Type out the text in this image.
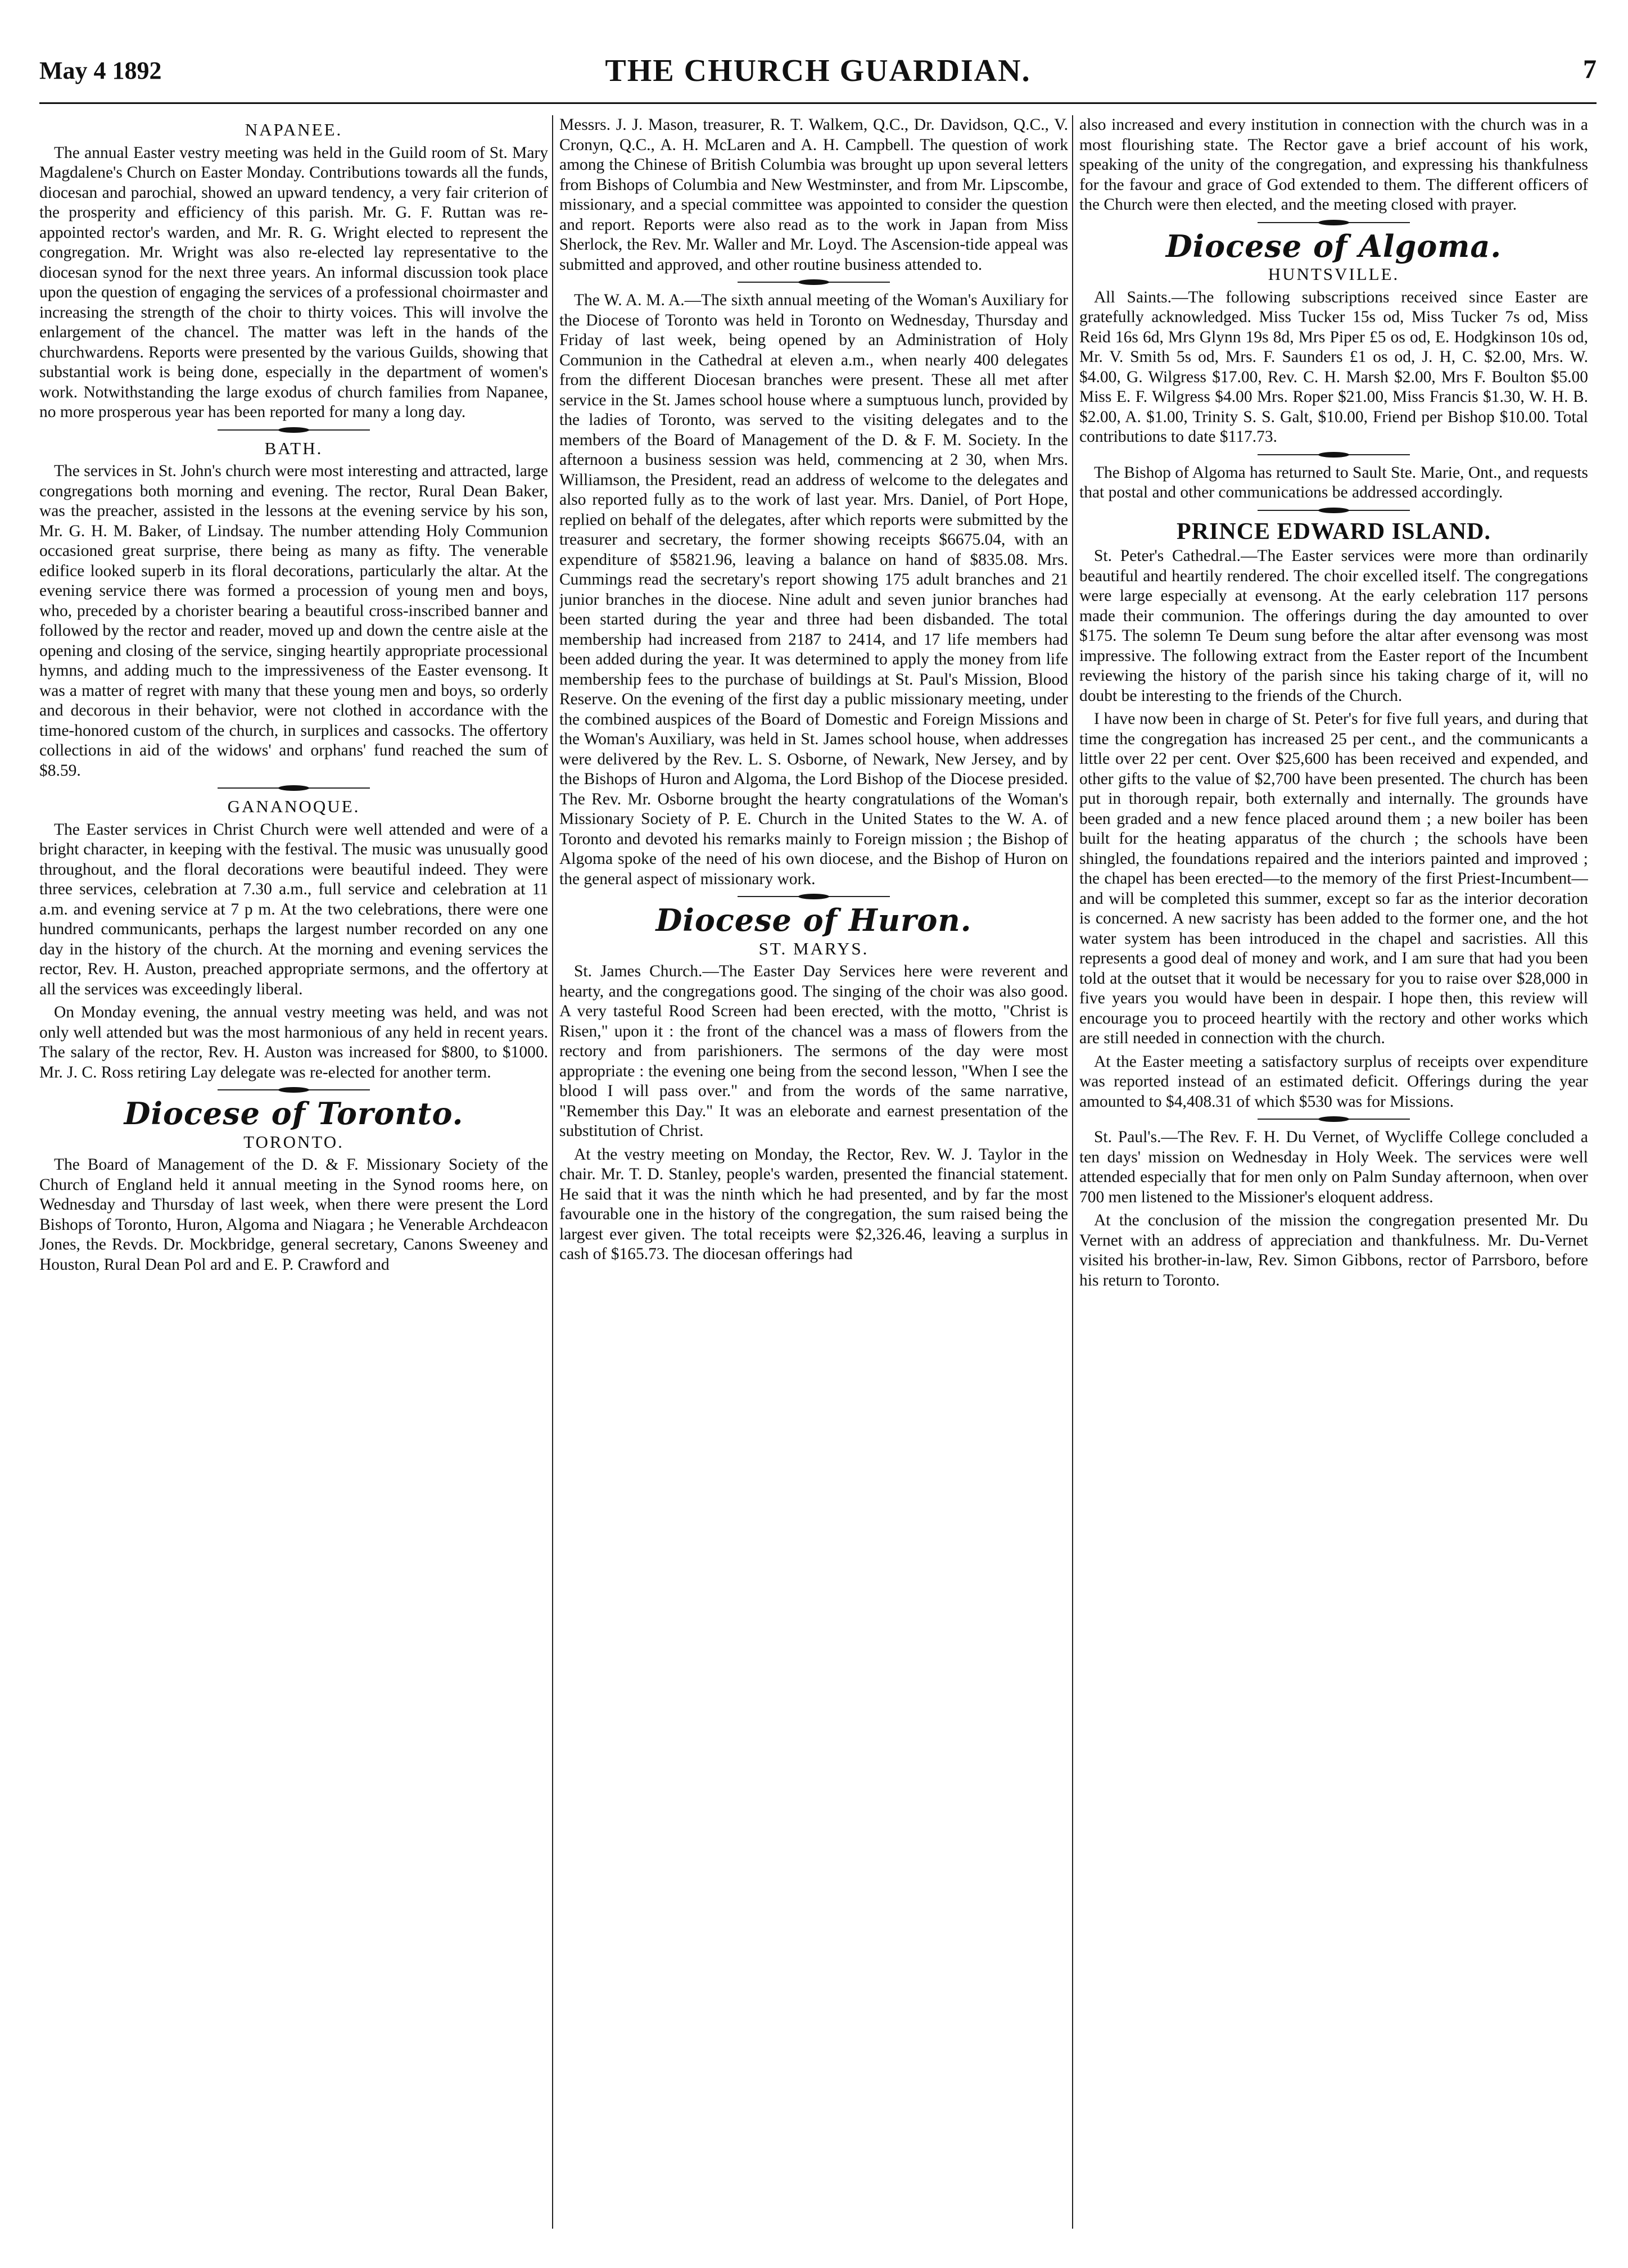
May 4 1892	THE CHURCH GUARDIAN.	7
NAPANEE.

The annual Easter vestry meeting was held in the Guild room of St. Mary Magdalene's Church on Easter Monday. Contributions towards all the funds, diocesan and parochial, showed an upward tendency, a very fair criterion of the prosperity and efficiency of this parish. Mr. G. F. Ruttan was re-appointed rector's warden, and Mr. R. G. Wright elected to represent the congregation. Mr. Wright was also re-elected lay representative to the diocesan synod for the next three years. An informal discussion took place upon the question of engaging the services of a professional choirmaster and increasing the strength of the choir to thirty voices. This will involve the enlargement of the chancel. The matter was left in the hands of the churchwardens. Reports were presented by the various Guilds, showing that substantial work is being done, especially in the department of women's work. Notwithstanding the large exodus of church families from Napanee, no more prosperous year has been reported for many a long day.

BATH.

The services in St. John's church were most interesting and attracted, large congregations both morning and evening. The rector, Rural Dean Baker, was the preacher, assisted in the lessons at the evening service by his son, Mr. G. H. M. Baker, of Lindsay. The number attending Holy Communion occasioned great surprise, there being as many as fifty. The venerable edifice looked superb in its floral decorations, particularly the altar. At the evening service there was formed a procession of young men and boys, who, preceded by a chorister bearing a beautiful cross-inscribed banner and followed by the rector and reader, moved up and down the centre aisle at the opening and closing of the service, singing heartily appropriate processional hymns, and adding much to the impressiveness of the Easter evensong. It was a matter of regret with many that these young men and boys, so orderly and decorous in their behavior, were not clothed in accordance with the time-honored custom of the church, in surplices and cassocks. The offertory collections in aid of the widows' and orphans' fund reached the sum of $8.59.

GANANOQUE.

The Easter services in Christ Church were well attended and were of a bright character, in keeping with the festival. The music was unusually good throughout, and the floral decorations were beautiful indeed. They were three services, celebration at 7.30 a.m., full service and celebration at 11 a.m. and evening service at 7 p m. At the two celebrations, there were one hundred communicants, perhaps the largest number recorded on any one day in the history of the church. At the morning and evening services the rector, Rev. H. Auston, preached appropriate sermons, and the offertory at all the services was exceedingly liberal.

On Monday evening, the annual vestry meeting was held, and was not only well attended but was the most harmonious of any held in recent years. The salary of the rector, Rev. H. Auston was increased for $800, to $1000. Mr. J. C. Ross retiring Lay delegate was re-elected for another term.

Diocese of Toronto.
TORONTO.

The Board of Management of the D. & F. Missionary Society of the Church of England held it annual meeting in the Synod rooms here, on Wednesday and Thursday of last week, when there were present the Lord Bishops of Toronto, Huron, Algoma and Niagara ; he Venerable Archdeacon Jones, the Revds. Dr. Mockbridge, general secretary, Canons Sweeney and Houston, Rural Dean Pol ard and E. P. Crawford and

Messrs. J. J. Mason, treasurer, R. T. Walkem, Q.C., Dr. Davidson, Q.C., V. Cronyn, Q.C., A. H. McLaren and A. H. Campbell. The question of work among the Chinese of British Columbia was brought up upon several letters from Bishops of Columbia and New Westminster, and from Mr. Lipscombe, missionary, and a special committee was appointed to consider the question and report. Reports were also read as to the work in Japan from Miss Sherlock, the Rev. Mr. Waller and Mr. Loyd. The Ascension-tide appeal was submitted and approved, and other routine business attended to.

The W. A. M. A.—The sixth annual meeting of the Woman's Auxiliary for the Diocese of Toronto was held in Toronto on Wednesday, Thursday and Friday of last week, being opened by an Administration of Holy Communion in the Cathedral at eleven a.m., when nearly 400 delegates from the different Diocesan branches were present. These all met after service in the St. James school house where a sumptuous lunch, provided by the ladies of Toronto, was served to the visiting delegates and to the members of the Board of Management of the D. & F. M. Society. In the afternoon a business session was held, commencing at 2 30, when Mrs. Williamson, the President, read an address of welcome to the delegates and also reported fully as to the work of last year. Mrs. Daniel, of Port Hope, replied on behalf of the delegates, after which reports were submitted by the treasurer and secretary, the former showing receipts $6675.04, with an expenditure of $5821.96, leaving a balance on hand of $835.08. Mrs. Cummings read the secretary's report showing 175 adult branches and 21 junior branches in the diocese. Nine adult and seven junior branches had been started during the year and three had been disbanded. The total membership had increased from 2187 to 2414, and 17 life members had been added during the year. It was determined to apply the money from life membership fees to the purchase of buildings at St. Paul's Mission, Blood Reserve. On the evening of the first day a public missionary meeting, under the combined auspices of the Board of Domestic and Foreign Missions and the Woman's Auxiliary, was held in St. James school house, when addresses were delivered by the Rev. L. S. Osborne, of Newark, New Jersey, and by the Bishops of Huron and Algoma, the Lord Bishop of the Diocese presided. The Rev. Mr. Osborne brought the hearty congratulations of the Woman's Missionary Society of P. E. Church in the United States to the W. A. of Toronto and devoted his remarks mainly to Foreign mission ; the Bishop of Algoma spoke of the need of his own diocese, and the Bishop of Huron on the general aspect of missionary work.

Diocese of Huron.
ST. MARYS.

St. James Church.—The Easter Day Services here were reverent and hearty, and the congregations good. The singing of the choir was also good. A very tasteful Rood Screen had been erected, with the motto, "Christ is Risen," upon it : the front of the chancel was a mass of flowers from the rectory and from parishioners. The sermons of the day were most appropriate : the evening one being from the second lesson, "When I see the blood I will pass over." and from the words of the same narrative, "Remember this Day." It was an eleborate and earnest presentation of the substitution of Christ.

At the vestry meeting on Monday, the Rector, Rev. W. J. Taylor in the chair. Mr. T. D. Stanley, people's warden, presented the financial statement. He said that it was the ninth which he had presented, and by far the most favourable one in the history of the congregation, the sum raised being the largest ever given. The total receipts were $2,326.46, leaving a surplus in cash of $165.73. The diocesan offerings had

also increased and every institution in connection with the church was in a most flourishing state. The Rector gave a brief account of his work, speaking of the unity of the congregation, and expressing his thankfulness for the favour and grace of God extended to them. The different officers of the Church were then elected, and the meeting closed with prayer.

Diocese of Algoma.
HUNTSVILLE.

All Saints.—The following subscriptions received since Easter are gratefully acknowledged. Miss Tucker 15s od, Miss Tucker 7s od, Miss Reid 16s 6d, Mrs Glynn 19s 8d, Mrs Piper £5 os od, E. Hodgkinson 10s od, Mr. V. Smith 5s od, Mrs. F. Saunders £1 os od, J. H, C. $2.00, Mrs. W. $4.00, G. Wilgress $17.00, Rev. C. H. Marsh $2.00, Mrs F. Boulton $5.00 Miss E. F. Wilgress $4.00 Mrs. Roper $21.00, Miss Francis $1.30, W. H. B. $2.00, A. $1.00, Trinity S. S. Galt, $10.00, Friend per Bishop $10.00. Total contributions to date $117.73.

The Bishop of Algoma has returned to Sault Ste. Marie, Ont., and requests that postal and other communications be addressed accordingly.

PRINCE EDWARD ISLAND.

St. Peter's Cathedral.—The Easter services were more than ordinarily beautiful and heartily rendered. The choir excelled itself. The congregations were large especially at evensong. At the early celebration 117 persons made their communion. The offerings during the day amounted to over $175. The solemn Te Deum sung before the altar after evensong was most impressive. The following extract from the Easter report of the Incumbent reviewing the history of the parish since his taking charge of it, will no doubt be interesting to the friends of the Church.

I have now been in charge of St. Peter's for five full years, and during that time the congregation has increased 25 per cent., and the communicants a little over 22 per cent. Over $25,600 has been received and expended, and other gifts to the value of $2,700 have been presented. The church has been put in thorough repair, both externally and internally. The grounds have been graded and a new fence placed around them ; a new boiler has been built for the heating apparatus of the church ; the schools have been shingled, the foundations repaired and the interiors painted and improved ; the chapel has been erected—to the memory of the first Priest-Incumbent—and will be completed this summer, except so far as the interior decoration is concerned. A new sacristy has been added to the former one, and the hot water system has been introduced in the chapel and sacristies. All this represents a good deal of money and work, and I am sure that had you been told at the outset that it would be necessary for you to raise over $28,000 in five years you would have been in despair. I hope then, this review will encourage you to proceed heartily with the rectory and other works which are still needed in connection with the church.

At the Easter meeting a satisfactory surplus of receipts over expenditure was reported instead of an estimated deficit. Offerings during the year amounted to $4,408.31 of which $530 was for Missions.

St. Paul's.—The Rev. F. H. Du Vernet, of Wycliffe College concluded a ten days' mission on Wednesday in Holy Week. The services were well attended especially that for men only on Palm Sunday afternoon, when over 700 men listened to the Missioner's eloquent address.

At the conclusion of the mission the congregation presented Mr. Du Vernet with an address of appreciation and thankfulness. Mr. Du-Vernet visited his brother-in-law, Rev. Simon Gibbons, rector of Parrsboro, before his return to Toronto.
